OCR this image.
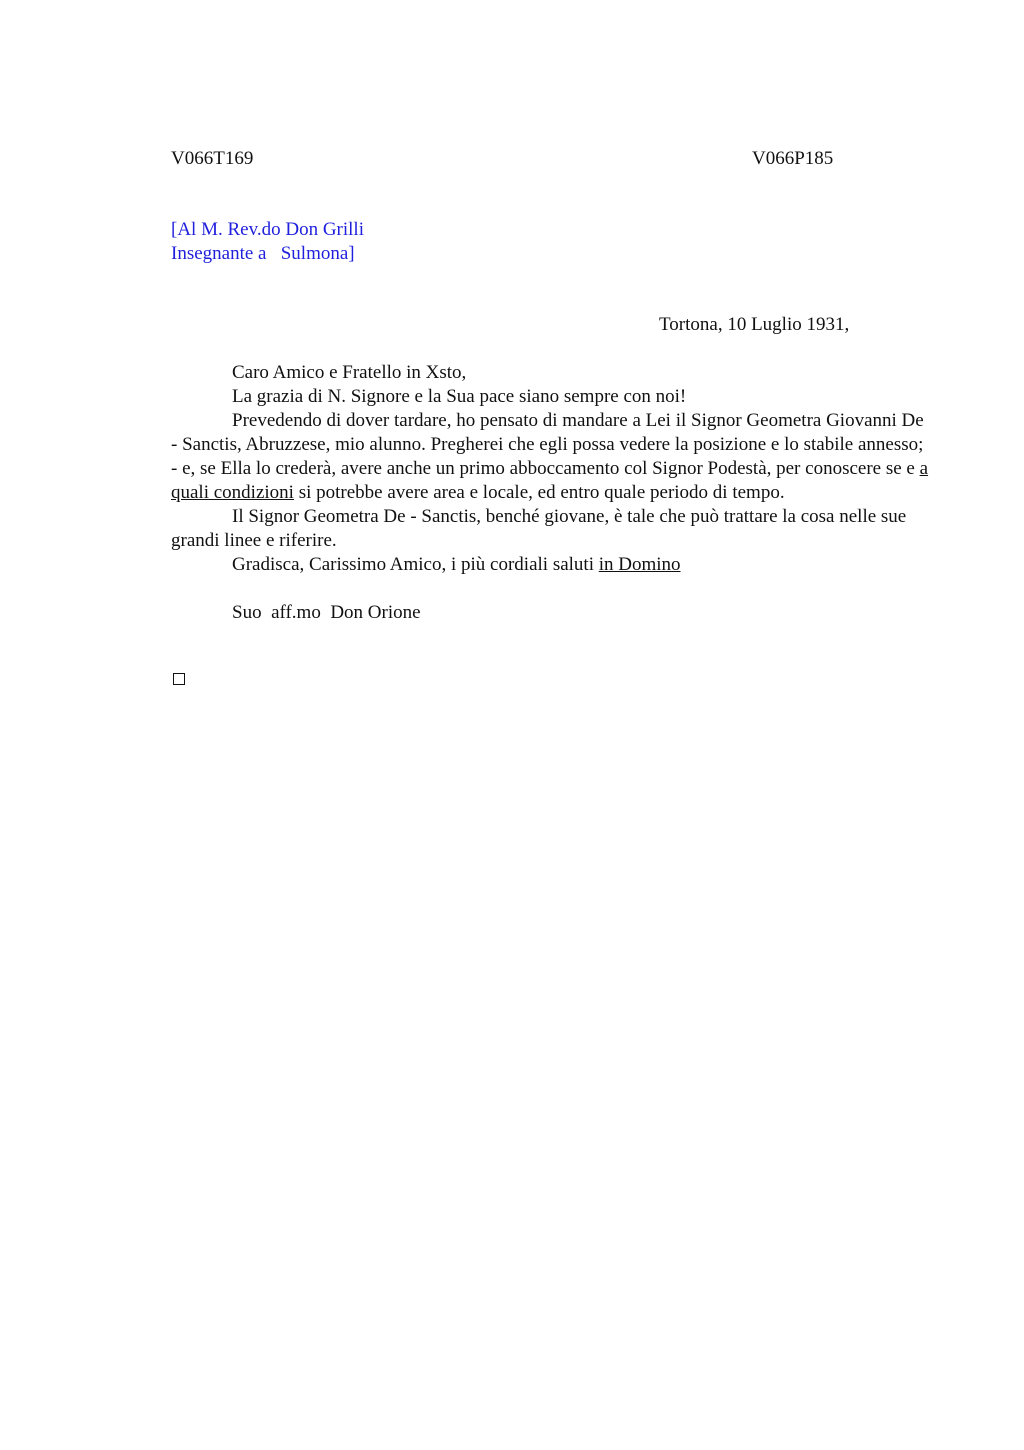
V066T169	V066P185
[Al M. Rev.do Don Grilli
Insegnante a   Sulmona]
Tortona, 10 Luglio 1931,

Caro Amico e Fratello in Xsto,

La grazia di N. Signore e la Sua pace siano sempre con noi!

Prevedendo di dover tardare, ho pensato di mandare a Lei il Signor Geometra Giovanni De - Sanctis, Abruzzese, mio alunno. Pregherei che egli possa vedere la posizione e lo stabile annesso; - e, se Ella lo crederà, avere anche un primo abboccamento col Signor Podestà, per conoscere se e a quali condizioni si potrebbe avere area e locale, ed entro quale periodo di tempo.

Il Signor Geometra De - Sanctis, benché giovane, è tale che può trattare la cosa nelle sue grandi linee e riferire.

Gradisca, Carissimo Amico, i più cordiali saluti in Domino

Suo  aff.mo  Don Orione
